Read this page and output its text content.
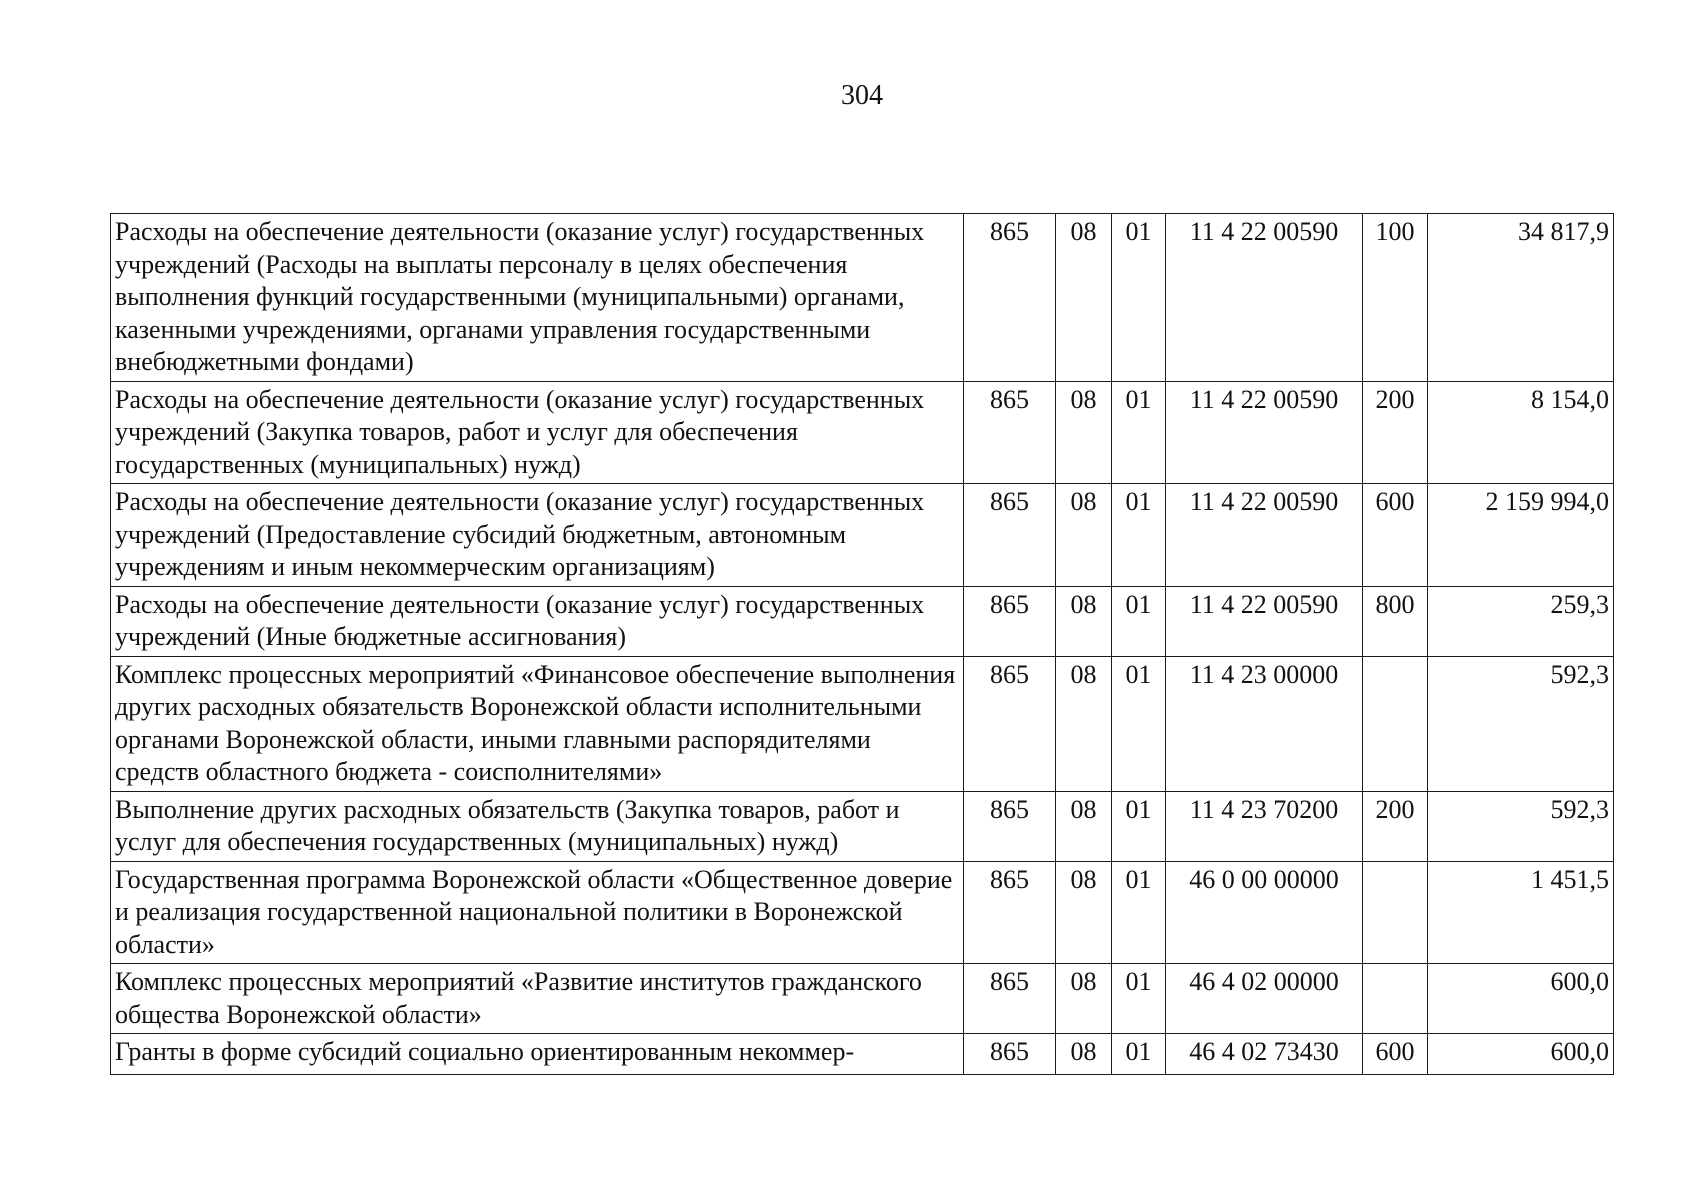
304
Расходы на обеспечение деятельности (оказание услуг) государственных учреждений (Расходы на выплаты персоналу в целях обеспечения выполнения функций государственными (муниципальными) органами, казенными учреждениями, органами управления государственными внебюджетными фондами)	865	08	01	11 4 22 00590	100	34 817,9
Расходы на обеспечение деятельности (оказание услуг) государственных учреждений (Закупка товаров, работ и услуг для обеспечения государственных (муниципальных) нужд)	865	08	01	11 4 22 00590	200	8 154,0
Расходы на обеспечение деятельности (оказание услуг) государственных учреждений (Предоставление субсидий бюджетным, автономным учреждениям и иным некоммерческим организациям)	865	08	01	11 4 22 00590	600	2 159 994,0
Расходы на обеспечение деятельности (оказание услуг) государственных учреждений (Иные бюджетные ассигнования)	865	08	01	11 4 22 00590	800	259,3
Комплекс процессных мероприятий «Финансовое обеспечение выполнения других расходных обязательств Воронежской области исполнительными органами Воронежской области, иными главными распорядителями средств областного бюджета - соисполнителями»	865	08	01	11 4 23 00000		592,3
Выполнение других расходных обязательств (Закупка товаров, работ и услуг для обеспечения государственных (муниципальных) нужд)	865	08	01	11 4 23 70200	200	592,3
Государственная программа Воронежской области «Общественное доверие и реализация государственной национальной политики в Воронежской области»	865	08	01	46 0 00 00000		1 451,5
Комплекс процессных мероприятий «Развитие институтов гражданского общества Воронежской области»	865	08	01	46 4 02 00000		600,0
Гранты в форме субсидий социально ориентированным некоммер-	865	08	01	46 4 02 73430	600	600,0
